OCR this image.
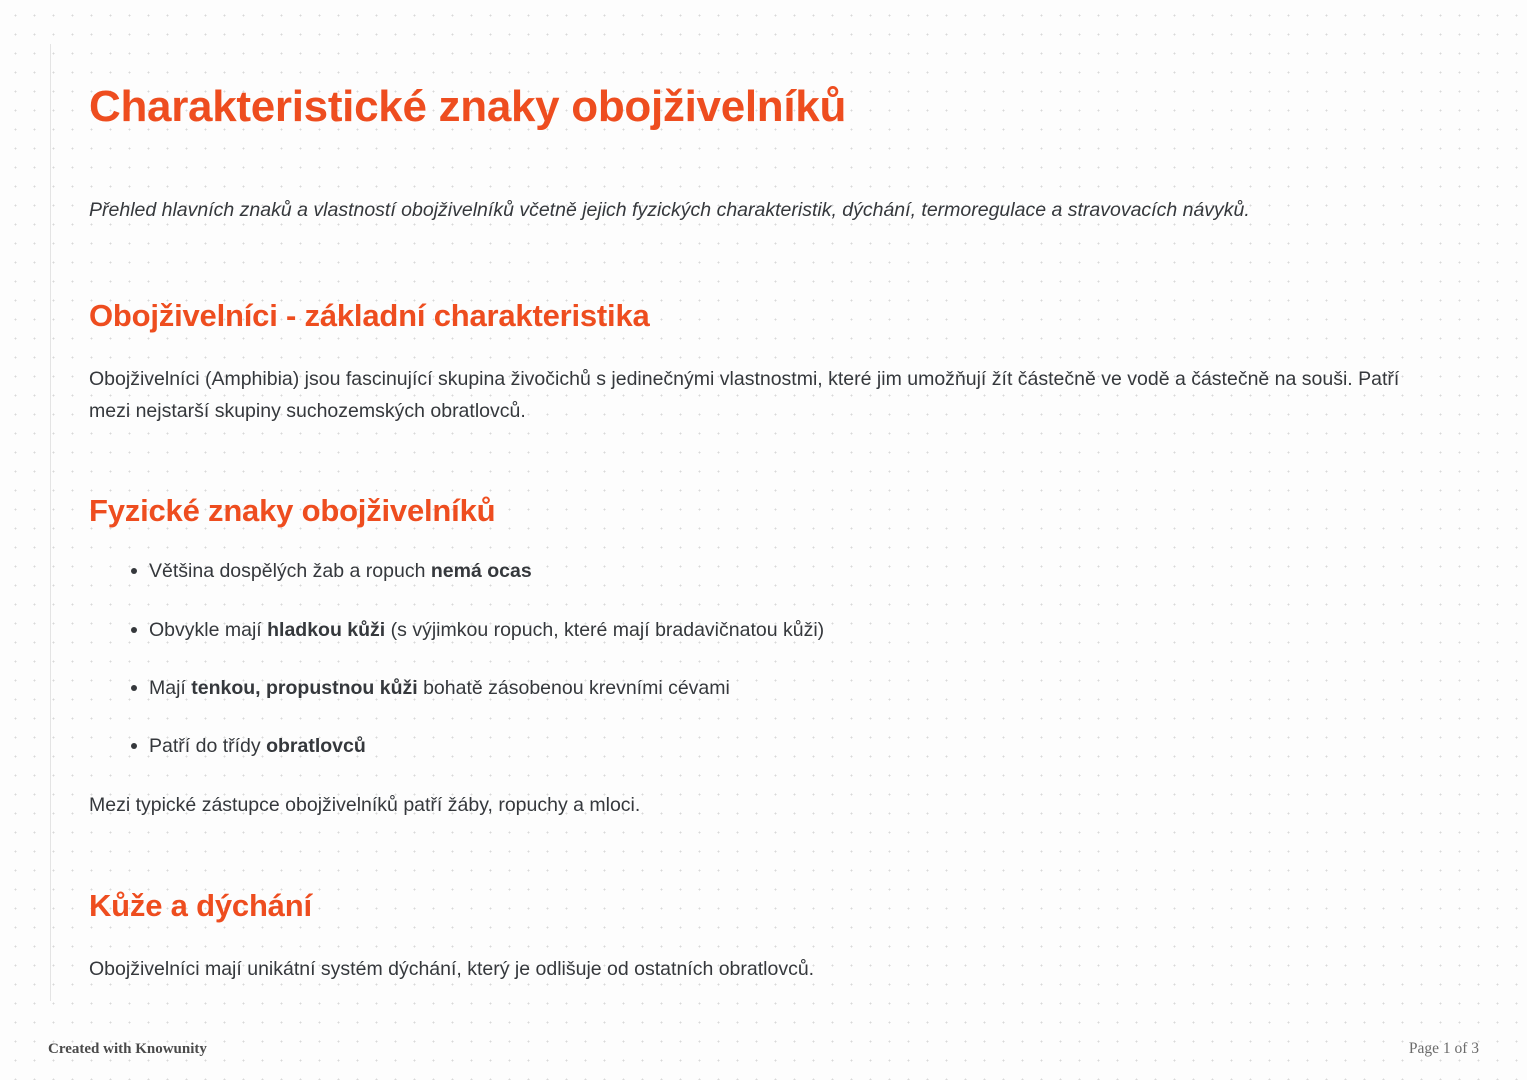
Charakteristické znaky obojživelníků

Přehled hlavních znaků a vlastností obojživelníků včetně jejich fyzických charakteristik, dýchání, termoregulace a stravovacích návyků.

Obojživelníci - základní charakteristika

Obojživelníci (Amphibia) jsou fascinující skupina živočichů s jedinečnými vlastnostmi, které jim umožňují žít částečně ve vodě a částečně na souši. Patří mezi nejstarší skupiny suchozemských obratlovců.

Fyzické znaky obojživelníků
Většina dospělých žab a ropuch nemá ocas
Obvykle mají hladkou kůži (s výjimkou ropuch, které mají bradavičnatou kůži)
Mají tenkou, propustnou kůži bohatě zásobenou krevními cévami
Patří do třídy obratlovců

Mezi typické zástupce obojživelníků patří žáby, ropuchy a mloci.

Kůže a dýchání

Obojživelníci mají unikátní systém dýchání, který je odlišuje od ostatních obratlovců.

Created with Knowunity	Page 1 of 3
